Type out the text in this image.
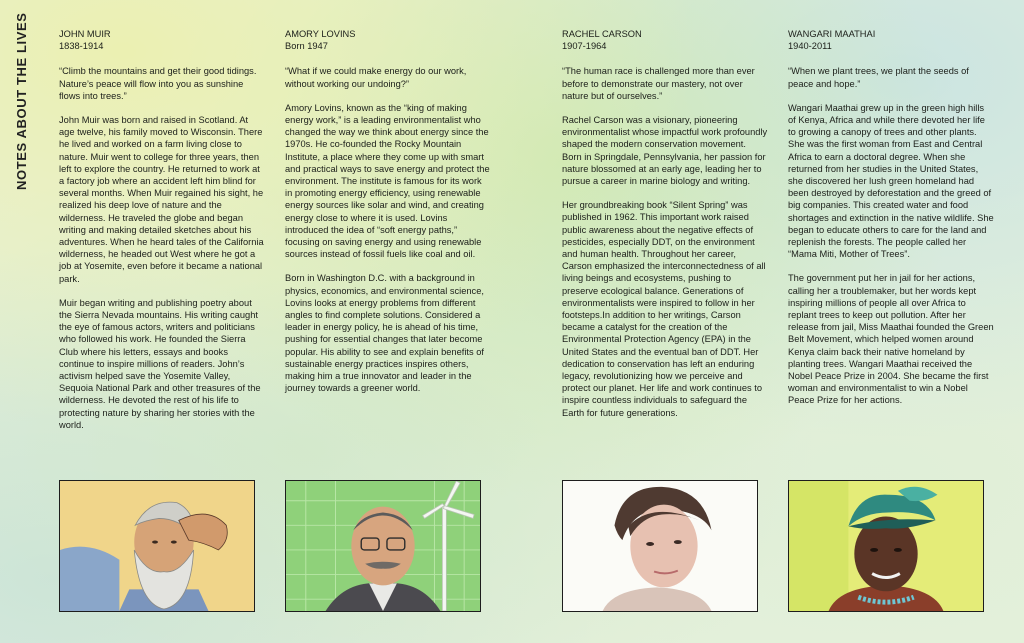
NOTES ABOUT THE LIVES	JOHN MUIR
1838-1914
“Climb the mountains and get their good tidings. Nature’s peace will flow into you as sunshine flows into trees.”

John Muir was born and raised in Scotland. At age twelve, his family moved to Wisconsin. There he lived and worked on a farm living close to nature. Muir went to college for three years, then left to explore the country. He returned to work at a factory job where an accident left him blind for several months. When Muir regained his sight, he realized his deep love of nature and the wilderness. He traveled the globe and began writing and making detailed sketches about his adventures. When he heard tales of the California wilderness, he headed out West where he got a job at Yosemite, even before it became a national park.

Muir began writing and publishing poetry about the Sierra Nevada mountains. His writing caught the eye of famous actors, writers and politicians who followed his work. He founded the Sierra Club where his letters, essays and books continue to inspire millions of readers. John’s activism helped save the Yosemite Valley, Sequoia National Park and other treasures of the wilderness. He devoted the rest of his life to protecting nature by sharing her stories with the world.

AMORY LOVINS
Born 1947
“What if we could make energy do our work, without working our undoing?”

Amory Lovins, known as the “king of making energy work,” is a leading environmentalist who changed the way we think about energy since the 1970s. He co-founded the Rocky Mountain Institute, a place where they come up with smart and practical ways to save energy and protect the environment. The institute is famous for its work in promoting energy efficiency, using renewable energy sources like solar and wind, and creating energy close to where it is used. Lovins introduced the idea of “soft energy paths,” focusing on saving energy and using renewable sources instead of fossil fuels like coal and oil.

Born in Washington D.C. with a background in physics, economics, and environmental science, Lovins looks at energy problems from different angles to find complete solutions. Considered a leader in energy policy, he is ahead of his time, pushing for essential changes that later become popular. His ability to see and explain benefits of sustainable energy practices inspires others, making him a true innovator and leader in the journey towards a greener world.

RACHEL CARSON
1907-1964
“The human race is challenged more than ever before to demonstrate our mastery, not over nature but of ourselves.”

Rachel Carson was a visionary, pioneering environmentalist whose impactful work profoundly shaped the modern conservation movement. Born in Springdale, Pennsylvania, her passion for nature blossomed at an early age, leading her to pursue a career in marine biology and writing.

Her groundbreaking book “Silent Spring” was published in 1962. This important work raised public awareness about the negative effects of pesticides, especially DDT, on the environment and human health. Throughout her career, Carson emphasized the interconnectedness of all living beings and ecosystems, pushing to preserve ecological balance. Generations of environmentalists were inspired to follow in her footsteps.In addition to her writings, Carson became a catalyst for the creation of the Environmental Protection Agency (EPA) in the United States and the eventual ban of DDT. Her dedication to conservation has left an enduring legacy, revolutionizing how we perceive and protect our planet. Her life and work continues to inspire countless individuals to safeguard the Earth for future generations.

WANGARI MAATHAI
1940-2011
“When we plant trees, we plant the seeds of peace and hope.”

Wangari Maathai grew up in the green high hills of Kenya, Africa and while there devoted her life to growing a canopy of trees and other plants. She was the first woman from East and Central Africa to earn a doctoral degree. When she returned from her studies in the United States, she discovered her lush green homeland had been destroyed by deforestation and the greed of big companies. This created water and food shortages and extinction in the native wildlife. She began to educate others to care for the land and replenish the forests. The people called her “Mama Miti, Mother of Trees”.

The government put her in jail for her actions, calling her a troublemaker, but her words kept inspiring millions of people all over Africa to replant trees to keep out pollution. After her release from jail, Miss Maathai founded the Green Belt Movement, which helped women around Kenya claim back their native homeland by planting trees. Wangari Maathai received the Nobel Peace Prize in 2004. She became the first woman and environmentalist to win a Nobel Peace Prize for her actions.
